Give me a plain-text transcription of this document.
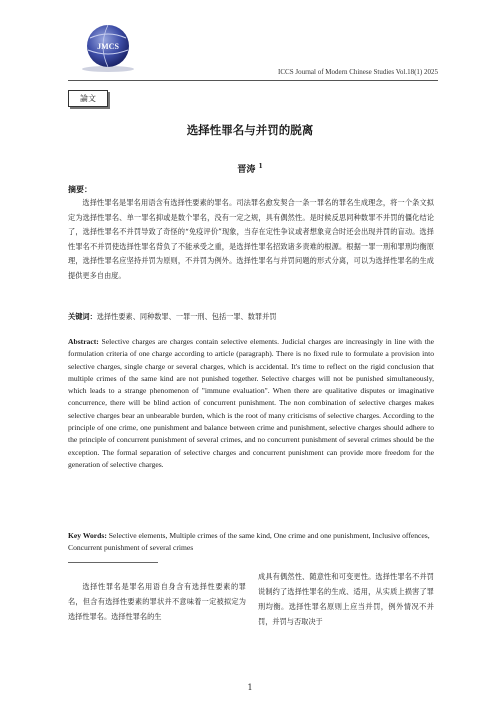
JMCS
ICCS Journal of Modern Chinese Studies Vol.18(1) 2025
論文
选择性罪名与并罚的脱离
晋涛 $^1$
摘要：

选择性罪名是罪名用语含有选择性要素的罪名。司法罪名愈发契合一条一罪名的罪名生成理念，将一个条文拟定为选择性罪名、单一罪名抑或是数个罪名，没有一定之规，具有偶然性。是时候反思同种数罪不并罚的僵化结论了，选择性罪名不并罚导致了奇怪的“免疫评价”现象，当存在定性争议或者想象竞合时还会出现并罚的盲动。选择性罪名不并罚使选择性罪名背负了不能承受之重，是选择性罪名招致诸多责难的根源。根据一罪一刑和罪刑均衡原理，选择性罪名应坚持并罚为原则，不并罚为例外。选择性罪名与并罚问题的形式分离，可以为选择性罪名的生成提供更多自由度。

关键词：选择性要素、同种数罪、一罪一刑、包括一罪、数罪并罚

Abstract: Selective charges are charges contain selective elements. Judicial charges are increasingly in line with the formulation criteria of one charge according to article (paragraph). There is no fixed rule to formulate a provision into selective charges, single charge or several charges, which is accidental. It's time to reflect on the rigid conclusion that multiple crimes of the same kind are not punished together. Selective charges will not be punished simultaneously, which leads to a strange phenomenon of "immune evaluation". When there are qualitative disputes or imaginative concurrence, there will be blind action of concurrent punishment. The non combination of selective charges makes selective charges bear an unbearable burden, which is the root of many criticisms of selective charges. According to the principle of one crime, one punishment and balance between crime and punishment, selective charges should adhere to the principle of concurrent punishment of several crimes, and no concurrent punishment of several crimes should be the exception. The formal separation of selective charges and concurrent punishment can provide more freedom for the generation of selective charges.

Key Words: Selective elements, Multiple crimes of the same kind, One crime and one punishment, Inclusive offences, Concurrent punishment of several crimes

选择性罪名是罪名用语自身含有选择性要素的罪名，但含有选择性要素的罪状并不意味着一定被拟定为选择性罪名。选择性罪名的生

成具有偶然性、随意性和可变更性。选择性罪名不并罚说制约了选择性罪名的生成、适用，从实质上损害了罪刑均衡。选择性罪名原则上应当并罚，例外情况不并罚，并罚与否取决于

1
